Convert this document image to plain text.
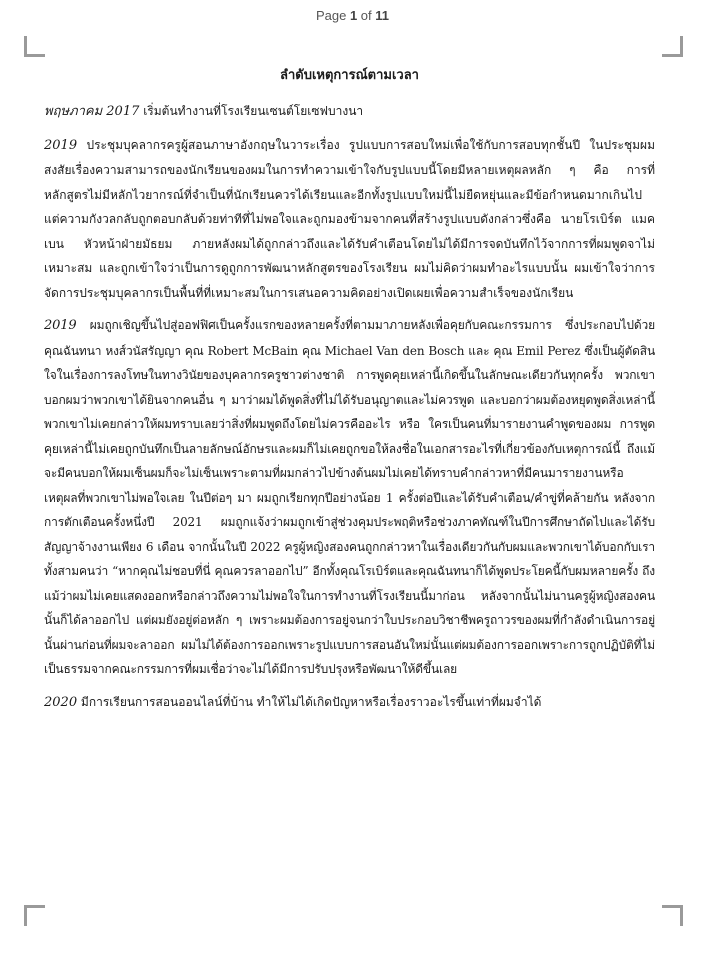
Page 1 of 11
ลำดับเหตุการณ์ตามเวลา

พฤษภาคม 2017 เริ่มต้นทำงานที่โรงเรียนเซนต์โยเซฟบางนา

2019 ประชุมบุคลากรครูผู้สอนภาษาอังกฤษในวาระเรื่อง รูปแบบการสอบใหม่เพื่อใช้กับการสอบทุกชั้นปี ในประชุมผมสงสัยเรื่องความสามารถของนักเรียนของผมในการทำความเข้าใจกับรูปแบบนี้โดยมีหลายเหตุผลหลัก ๆ คือ การที่หลักสูตรไม่มีหลักไวยากรณ์ที่จำเป็นที่นักเรียนควรได้เรียนและอีกทั้งรูปแบบใหม่นี้ไม่ยืดหยุ่นและมีข้อกำหนดมากเกินไป แต่ความกังวลกลับถูกตอบกลับด้วยท่าทีที่ไม่พอใจและถูกมองข้ามจากคนที่สร้างรูปแบบดังกล่าวซึ่งคือ นายโรเบิร์ต แมคเบน หัวหน้าฝ่ายมัธยม ภายหลังผมได้ถูกกล่าวถึงและได้รับคำเตือนโดยไม่ได้มีการจดบันทึกไว้จากการที่ผมพูดจาไม่เหมาะสม และถูกเข้าใจว่าเป็นการดูถูกการพัฒนาหลักสูตรของโรงเรียน ผมไม่คิดว่าผมทำอะไรแบบนั้น ผมเข้าใจว่าการจัดการประชุมบุคลากรเป็นพื้นที่ที่เหมาะสมในการเสนอความคิดอย่างเปิดเผยเพื่อความสำเร็จของนักเรียน

2019 ผมถูกเชิญขึ้นไปสู่ออฟฟิศเป็นครั้งแรกของหลายครั้งที่ตามมาภายหลังเพื่อคุยกับคณะกรรมการ ซึ่งประกอบไปด้วย คุณฉันทนา หงส์วนัสรัญญา คุณ Robert McBain คุณ Michael Van den Bosch และ คุณ Emil Perez ซึ่งเป็นผู้ตัดสินใจในเรื่องการลงโทษในทางวินัยของบุคลากรครูชาวต่างชาติ การพูดคุยเหล่านี้เกิดขึ้นในลักษณะเดียวกันทุกครั้ง พวกเขาบอกผมว่าพวกเขาได้ยินจากคนอื่น ๆ มาว่าผมได้พูดสิ่งที่ไม่ได้รับอนุญาตและไม่ควรพูด และบอกว่าผมต้องหยุดพูดสิ่งเหล่านี้ พวกเขาไม่เคยกล่าวให้ผมทราบเลยว่าสิ่งที่ผมพูดถึงโดยไม่ควรคืออะไร หรือ ใครเป็นคนที่มารายงานคำพูดของผม การพูดคุยเหล่านี้ไม่เคยถูกบันทึกเป็นลายลักษณ์อักษรและผมก็ไม่เคยถูกขอให้ลงชื่อในเอกสารอะไรที่เกี่ยวข้องกับเหตุการณ์นี้ ถึงแม้จะมีคนบอกให้ผมเซ็นผมก็จะไม่เซ็นเพราะตามที่ผมกล่าวไปข้างต้นผมไม่เคยได้ทราบคำกล่าวหาที่มีคนมารายงานหรือเหตุผลที่พวกเขาไม่พอใจเลย ในปีต่อๆ มา ผมถูกเรียกทุกปีอย่างน้อย 1 ครั้งต่อปีและได้รับคำเตือน/คำขู่ที่คล้ายกัน หลังจากการตักเตือนครั้งหนึ่งปี 2021 ผมถูกแจ้งว่าผมถูกเข้าสู่ช่วงคุมประพฤติหรือช่วงภาคทัณฑ์ในปีการศึกษาถัดไปและได้รับสัญญาจ้างงานเพียง 6 เดือน จากนั้นในปี 2022 ครูผู้หญิงสองคนถูกกล่าวหาในเรื่องเดียวกันกับผมและพวกเขาได้บอกกับเราทั้งสามคนว่า “หากคุณไม่ชอบที่นี่ คุณควรลาออกไป” อีกทั้งคุณโรเบิร์ตและคุณฉันทนาก็ได้พูดประโยคนี้กับผมหลายครั้ง ถึงแม้ว่าผมไม่เคยแสดงออกหรือกล่าวถึงความไม่พอใจในการทำงานที่โรงเรียนนี้มาก่อน หลังจากนั้นไม่นานครูผู้หญิงสองคนนั้นก็ได้ลาออกไป แต่ผมยังอยู่ต่อหลัก ๆ เพราะผมต้องการอยู่จนกว่าใบประกอบวิชาชีพครูถาวรของผมที่กำลังดำเนินการอยู่นั้นผ่านก่อนที่ผมจะลาออก ผมไม่ได้ต้องการออกเพราะรูปแบบการสอนอันใหม่นั้นแต่ผมต้องการออกเพราะการถูกปฏิบัติที่ไม่เป็นธรรมจากคณะกรรมการที่ผมเชื่อว่าจะไม่ได้มีการปรับปรุงหรือพัฒนาให้ดีขึ้นเลย

2020 มีการเรียนการสอนออนไลน์ที่บ้าน ทำให้ไม่ได้เกิดปัญหาหรือเรื่องราวอะไรขึ้นเท่าที่ผมจำได้
